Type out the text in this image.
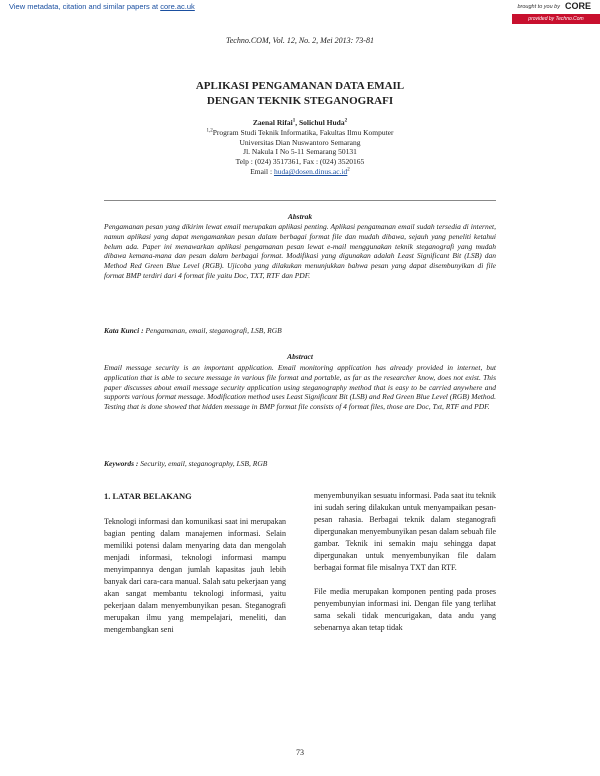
View metadata, citation and similar papers at core.ac.uk	brought to you by CORE
provided by Techno.Com
Techno.COM, Vol. 12, No. 2, Mei 2013: 73-81
APLIKASI PENGAMANAN DATA EMAIL
DENGAN TEKNIK STEGANOGRAFI
Zaenal Rifai$^1$, Solichul Huda$^2$
$^{1,2}$Program Studi Teknik Informatika, Fakultas Ilmu Komputer
Universitas Dian Nuswantoro Semarang
Jl. Nakula I No 5-11 Semarang 50131
Telp : (024) 3517361, Fax : (024) 3520165
Email : $huda@dosen.dinus.ac.id^2$
Abstrak
Pengamanan pesan yang dikirim lewat email merupakan aplikasi penting. Aplikasi pengamanan email sudah tersedia di internet, namun aplikasi yang dapat mengamankan pesan dalam berbagai format file dan mudah dibawa, sejauh yang peneliti ketahui belum ada. Paper ini menawarkan aplikasi pengamanan pesan lewat e-mail menggunakan teknik steganografi yang mudah dibawa kemana-mana dan pesan dalam berbagai format. Modifikasi yang digunakan adalah Least Significant Bit (LSB) dan Method Red Green Blue Level (RGB). Ujicoba yang dilakukan menunjukkan bahwa pesan yang dapat disembunyikan di file format BMP terdiri dari 4 format file yaitu Doc, TXT, RTF dan PDF.
Kata Kunci : Pengamanan, email, steganografi, LSB, RGB
Abstract
Email message security is an important application. Email monitoring application has already provided in internet, but application that is able to secure message in various file format and portable, as far as the researcher know, does not exist. This paper discusses about email message security application using steganography method that is easy to be carried anywhere and supports various format message. Modification method uses Least Significant Bit (LSB) and Red Green Blue Level (RGB) Method. Testing that is done showed that hidden message in BMP format file consists of 4 format files, those are Doc, Txt, RTF and PDF.
Keywords : Security, email, steganography, LSB, RGB

1. LATAR BELAKANG

Teknologi informasi dan komunikasi saat ini merupakan bagian penting dalam manajemen informasi. Selain memiliki potensi dalam menyaring data dan mengolah menjadi informasi, teknologi informasi mampu menyimpannya dengan jumlah kapasitas jauh lebih banyak dari cara-cara manual. Salah satu pekerjaan yang akan sangat membantu teknologi informasi, yaitu pekerjaan dalam menyembunyikan pesan. Steganografi merupakan ilmu yang mempelajari, meneliti, dan mengembangkan seni

menyembunyikan sesuatu informasi. Pada saat itu teknik ini sudah sering dilakukan untuk menyampaikan pesan-pesan rahasia. Berbagai teknik dalam steganografi dipergunakan menyembunyikan pesan dalam sebuah file gambar. Teknik ini semakin maju sehingga dapat dipergunakan untuk menyembunyikan file dalam berbagai format file misalnya TXT dan RTF.

File media merupakan komponen penting pada proses penyembunyian informasi ini. Dengan file yang terlihat sama sekali tidak mencurigakan, data andu yang sebenarnya akan tetap tidak

73
